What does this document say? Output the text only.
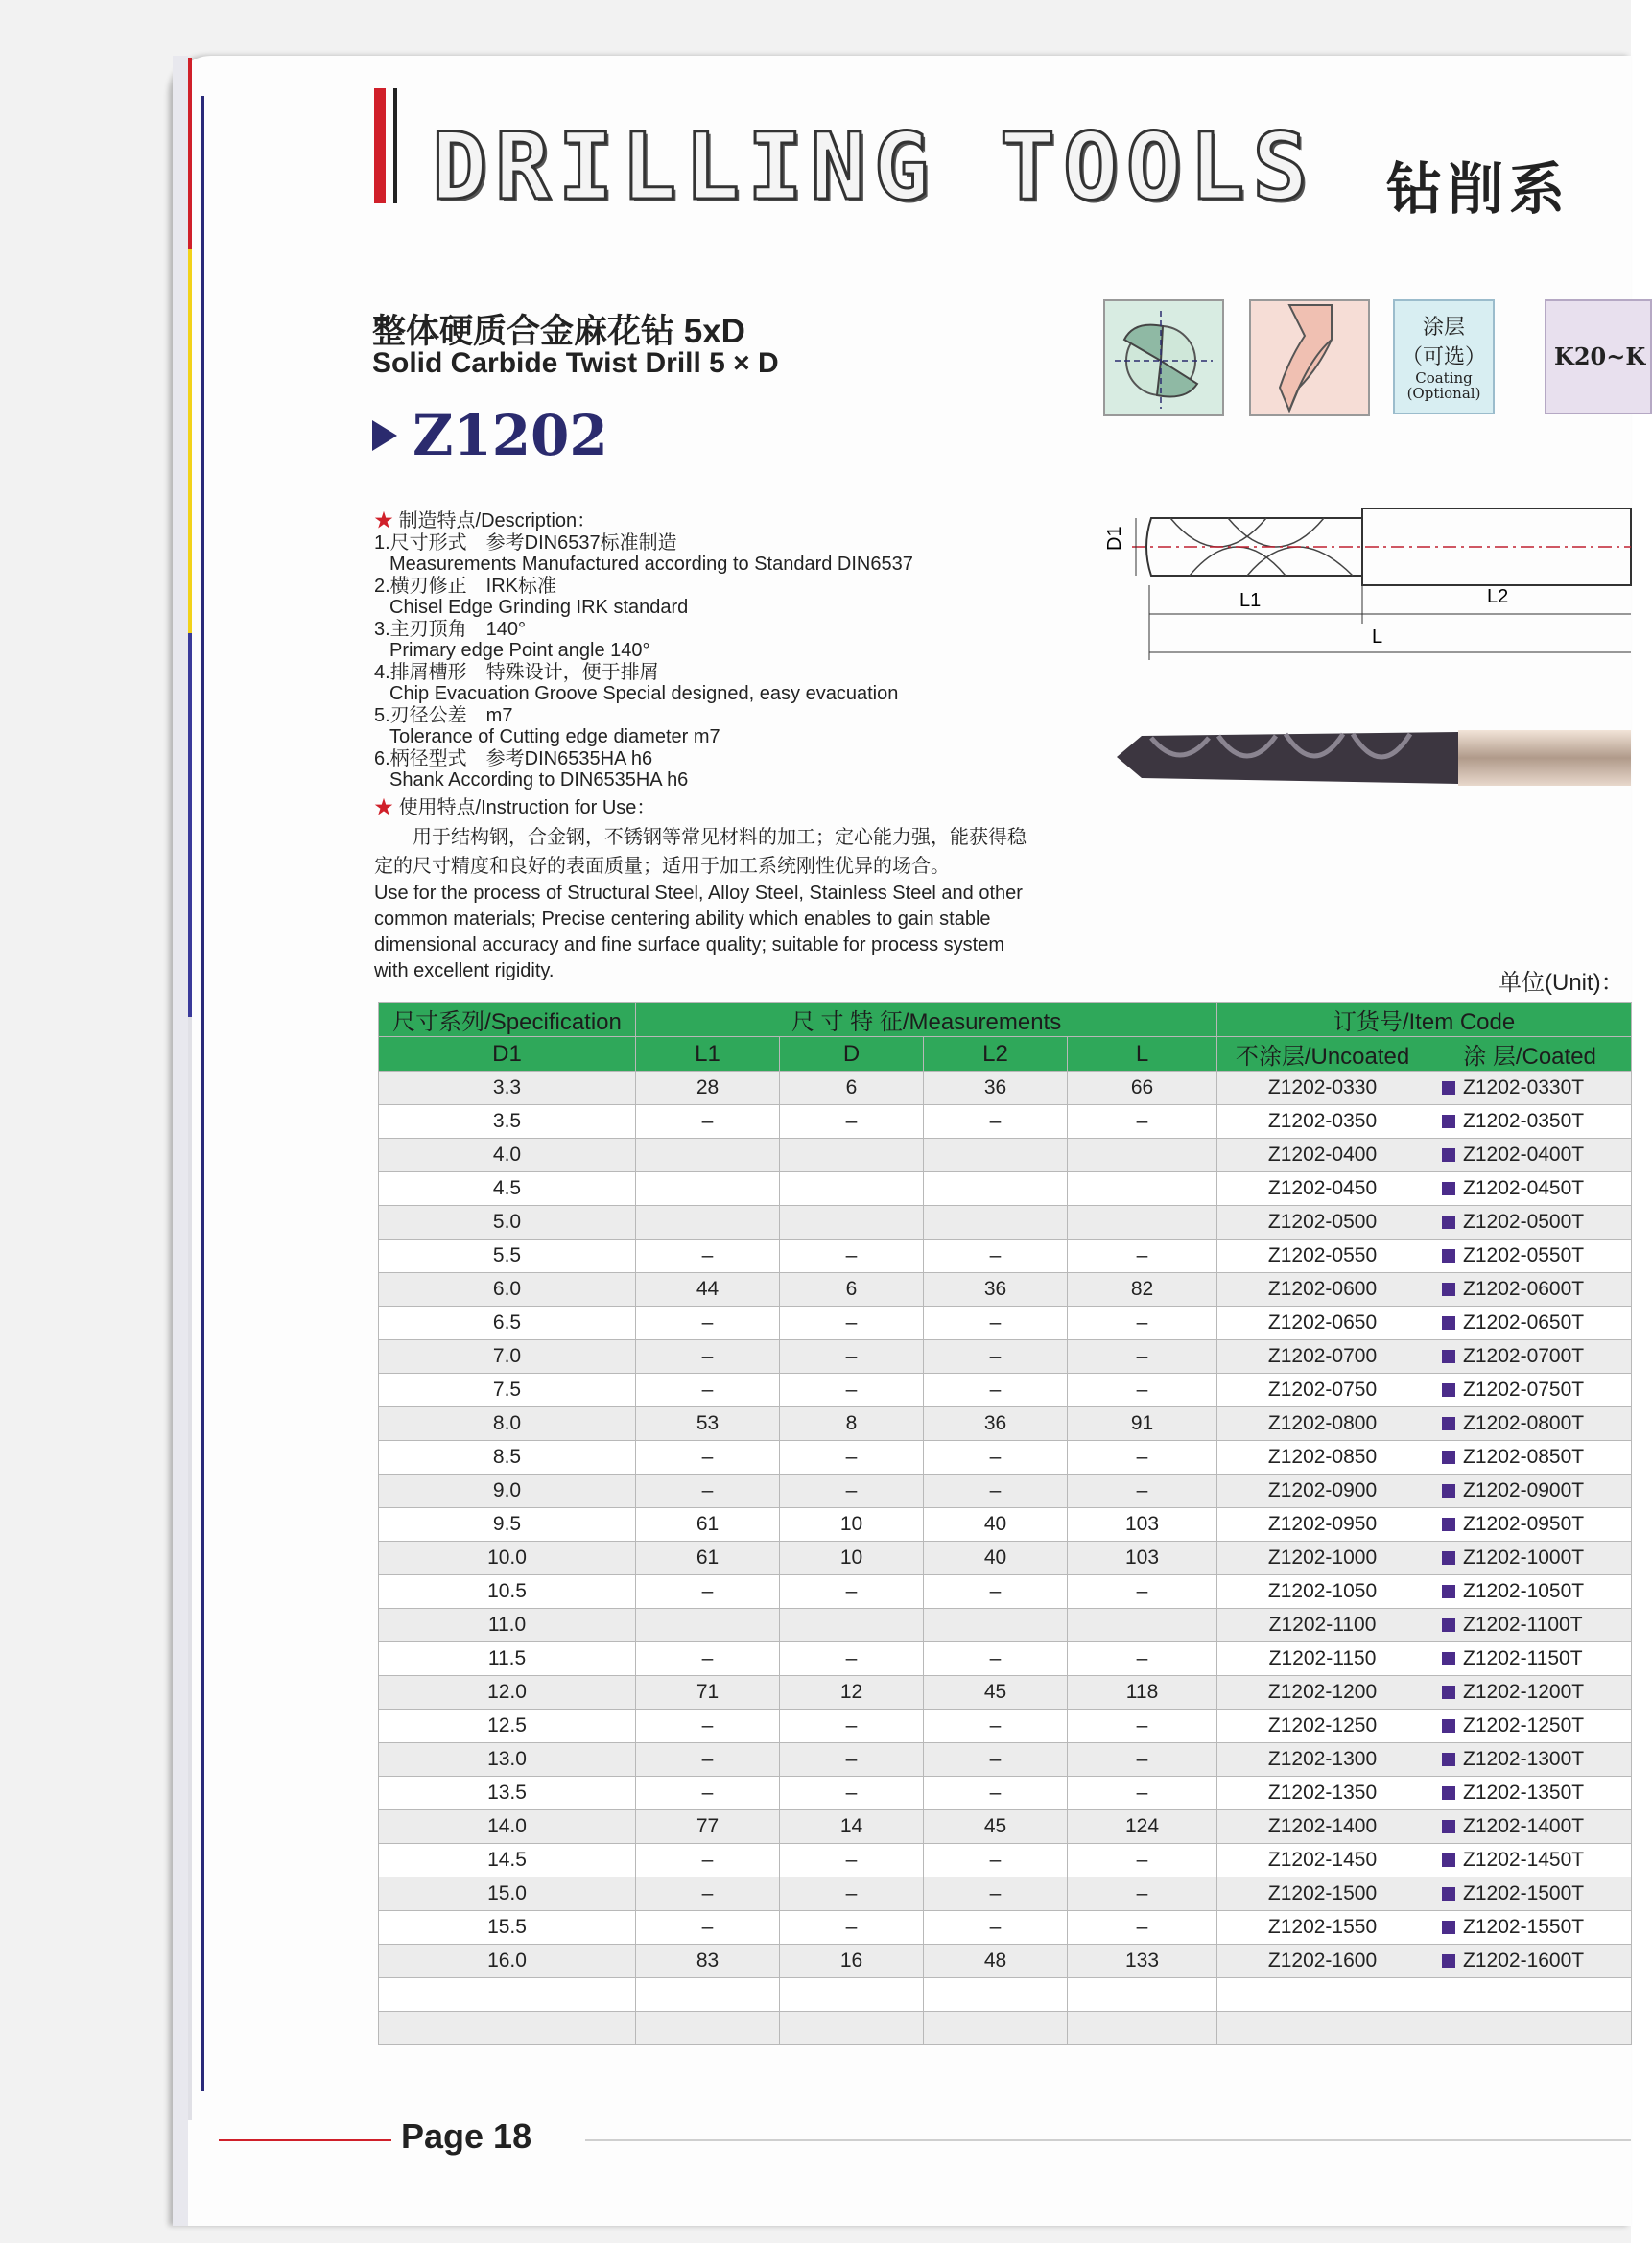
DRILLING TOOLS 钻削系
整体硬质合金麻花钻 5xD
Solid Carbide Twist Drill 5 × D
Z1202
涂层
（可选）
Coating
(Optional)
K20~K
D1
L1	L2
L
★ 制造特点/Description：
1.尺寸形式　参考DIN6537标准制造
Measurements Manufactured according to Standard DIN6537
2.横刃修正　IRK标准
Chisel Edge Grinding IRK standard
3.主刃顶角　140°
Primary edge Point angle 140°
4.排屑槽形　特殊设计，便于排屑
Chip Evacuation Groove Special designed, easy evacuation
5.刃径公差　m7
Tolerance of Cutting edge diameter m7
6.柄径型式　参考DIN6535HA h6
Shank According to DIN6535HA h6
★ 使用特点/Instruction for Use：
用于结构钢，合金钢，不锈钢等常见材料的加工；定心能力强，能获得稳定的尺寸精度和良好的表面质量；适用于加工系统刚性优异的场合。
Use for the process of Structural Steel, Alloy Steel, Stainless Steel and other common materials; Precise centering ability which enables to gain stable dimensional accuracy and fine surface quality; suitable for process system with excellent rigidity.	单位(Unit)：
尺寸系列/Specification	尺 寸 特 征/Measurements				订货号/Item Code	
D1	L1	D	L2	L	不涂层/Uncoated	涂 层/Coated
3.3	28	6	36	66	Z1202-0330	Z1202-0330T
3.5	–	–	–	–	Z1202-0350	Z1202-0350T
4.0					Z1202-0400	Z1202-0400T
4.5					Z1202-0450	Z1202-0450T
5.0					Z1202-0500	Z1202-0500T
5.5	–	–	–	–	Z1202-0550	Z1202-0550T
6.0	44	6	36	82	Z1202-0600	Z1202-0600T
6.5	–	–	–	–	Z1202-0650	Z1202-0650T
7.0	–	–	–	–	Z1202-0700	Z1202-0700T
7.5	–	–	–	–	Z1202-0750	Z1202-0750T
8.0	53	8	36	91	Z1202-0800	Z1202-0800T
8.5	–	–	–	–	Z1202-0850	Z1202-0850T
9.0	–	–	–	–	Z1202-0900	Z1202-0900T
9.5	61	10	40	103	Z1202-0950	Z1202-0950T
10.0	61	10	40	103	Z1202-1000	Z1202-1000T
10.5	–	–	–	–	Z1202-1050	Z1202-1050T
11.0					Z1202-1100	Z1202-1100T
11.5	–	–	–	–	Z1202-1150	Z1202-1150T
12.0	71	12	45	118	Z1202-1200	Z1202-1200T
12.5	–	–	–	–	Z1202-1250	Z1202-1250T
13.0	–	–	–	–	Z1202-1300	Z1202-1300T
13.5	–	–	–	–	Z1202-1350	Z1202-1350T
14.0	77	14	45	124	Z1202-1400	Z1202-1400T
14.5	–	–	–	–	Z1202-1450	Z1202-1450T
15.0	–	–	–	–	Z1202-1500	Z1202-1500T
15.5	–	–	–	–	Z1202-1550	Z1202-1550T
16.0	83	16	48	133	Z1202-1600	Z1202-1600T

Page 18
